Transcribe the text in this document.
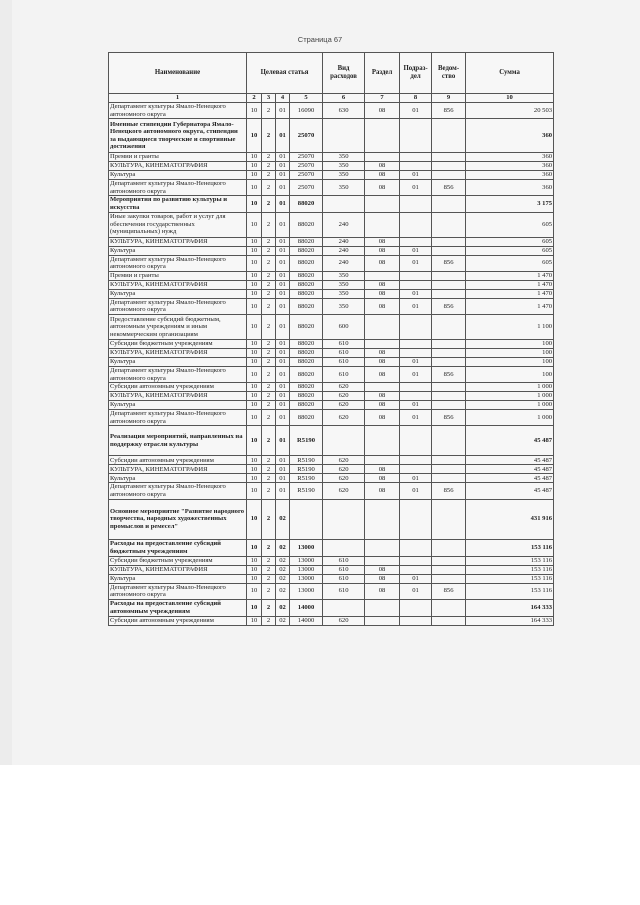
Страница 67
Наименование	Целевая статья				Вид расходов	Раздел	Подраз-дел	Ведом-ство	Сумма
1	2	3	4	5	6	7	8	9	10
Департамент культуры Ямало-Ненецкого автономного округа	10	2	01	16090	630	08	01	856	20 503
Именные стипендии Губернатора Ямало-Ненецкого автономного округа, стипендии за выдающиеся творческие и спортивные достижения	10	2	01	25070					360
Премии и гранты	10	2	01	25070	350				360
КУЛЬТУРА, КИНЕМАТОГРАФИЯ	10	2	01	25070	350	08			360
Культура	10	2	01	25070	350	08	01		360
Департамент культуры Ямало-Ненецкого автономного округа	10	2	01	25070	350	08	01	856	360
Мероприятия по развитию культуры и искусства	10	2	01	88020					3 175
Иные закупки товаров, работ и услуг для обеспечения государственных (муниципальных) нужд	10	2	01	88020	240				605
КУЛЬТУРА, КИНЕМАТОГРАФИЯ	10	2	01	88020	240	08			605
Культура	10	2	01	88020	240	08	01		605
Департамент культуры Ямало-Ненецкого автономного округа	10	2	01	88020	240	08	01	856	605
Премии и гранты	10	2	01	88020	350				1 470
КУЛЬТУРА, КИНЕМАТОГРАФИЯ	10	2	01	88020	350	08			1 470
Культура	10	2	01	88020	350	08	01		1 470
Департамент культуры Ямало-Ненецкого автономного округа	10	2	01	88020	350	08	01	856	1 470
Предоставление субсидий бюджетным, автономным учреждениям и иным некоммерческим организациям	10	2	01	88020	600				1 100
Субсидии бюджетным учреждениям	10	2	01	88020	610				100
КУЛЬТУРА, КИНЕМАТОГРАФИЯ	10	2	01	88020	610	08			100
Культура	10	2	01	88020	610	08	01		100
Департамент культуры Ямало-Ненецкого автономного округа	10	2	01	88020	610	08	01	856	100
Субсидии автономным учреждениям	10	2	01	88020	620				1 000
КУЛЬТУРА, КИНЕМАТОГРАФИЯ	10	2	01	88020	620	08			1 000
Культура	10	2	01	88020	620	08	01		1 000
Департамент культуры Ямало-Ненецкого автономного округа	10	2	01	88020	620	08	01	856	1 000
Реализация мероприятий, направленных на поддержку отрасли культуры	10	2	01	R5190					45 487
Субсидии автономным учреждениям	10	2	01	R5190	620				45 487
КУЛЬТУРА, КИНЕМАТОГРАФИЯ	10	2	01	R5190	620	08			45 487
Культура	10	2	01	R5190	620	08	01		45 487
Департамент культуры Ямало-Ненецкого автономного округа	10	2	01	R5190	620	08	01	856	45 487
Основное мероприятие "Развитие народного творчества, народных художественных промыслов и ремесел"	10	2	02						431 916
Расходы на предоставление субсидий бюджетным учреждениям	10	2	02	13000					153 116
Субсидии бюджетным учреждениям	10	2	02	13000	610				153 116
КУЛЬТУРА, КИНЕМАТОГРАФИЯ	10	2	02	13000	610	08			153 116
Культура	10	2	02	13000	610	08	01		153 116
Департамент культуры Ямало-Ненецкого автономного округа	10	2	02	13000	610	08	01	856	153 116
Расходы на предоставление субсидий автономным учреждениям	10	2	02	14000					164 333
Субсидии автономным учреждениям	10	2	02	14000	620				164 333
